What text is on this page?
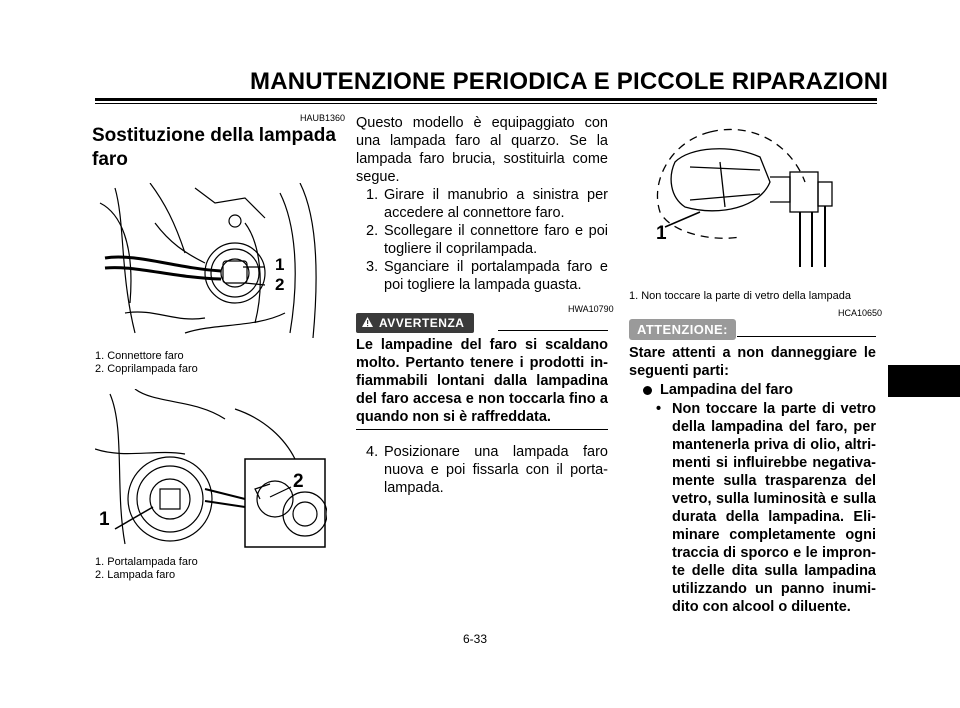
MANUTENZIONE PERIODICA E PICCOLE RIPARAZIONI
HAUB1360
Sostituzione della lampada faro
1
2
1. Connettore faro
2. Coprilampada faro
1
2
1. Portalampada faro
2. Lampada faro
Questo modello è equipaggiato con una lampada faro al quarzo. Se la lampada faro brucia, sostituirla come segue.
1. Girare il manubrio a sinistra per accedere al connettore faro.
2. Scollegare il connettore faro e poi togliere il coprilampada.
3. Sganciare il portalampada faro e poi togliere la lampada guasta.
HWA10790
AVVERTENZA
Le lampadine del faro si scaldano molto. Pertanto tenere i prodotti in-fiammabili lontani dalla lampadina del faro accesa e non toccarla fino a quando non si è raffreddata.
4. Posizionare una lampada faro nuova e poi fissarla con il porta-lampada.
1
1. Non toccare la parte di vetro della lampada
HCA10650
ATTENZIONE:
Stare attenti a non danneggiare le seguenti parti:
Lampadina del faro
• Non toccare la parte di vetro della lampadina del faro, per mantenerla priva di olio, altri-menti si influirebbe negativa-mente sulla trasparenza del vetro, sulla luminosità e sulla durata della lampadina. Eli-minare completamente ogni traccia di sporco e le impron-te delle dita sulla lampadina utilizzando un panno inumi-dito con alcool o diluente.
6-33
